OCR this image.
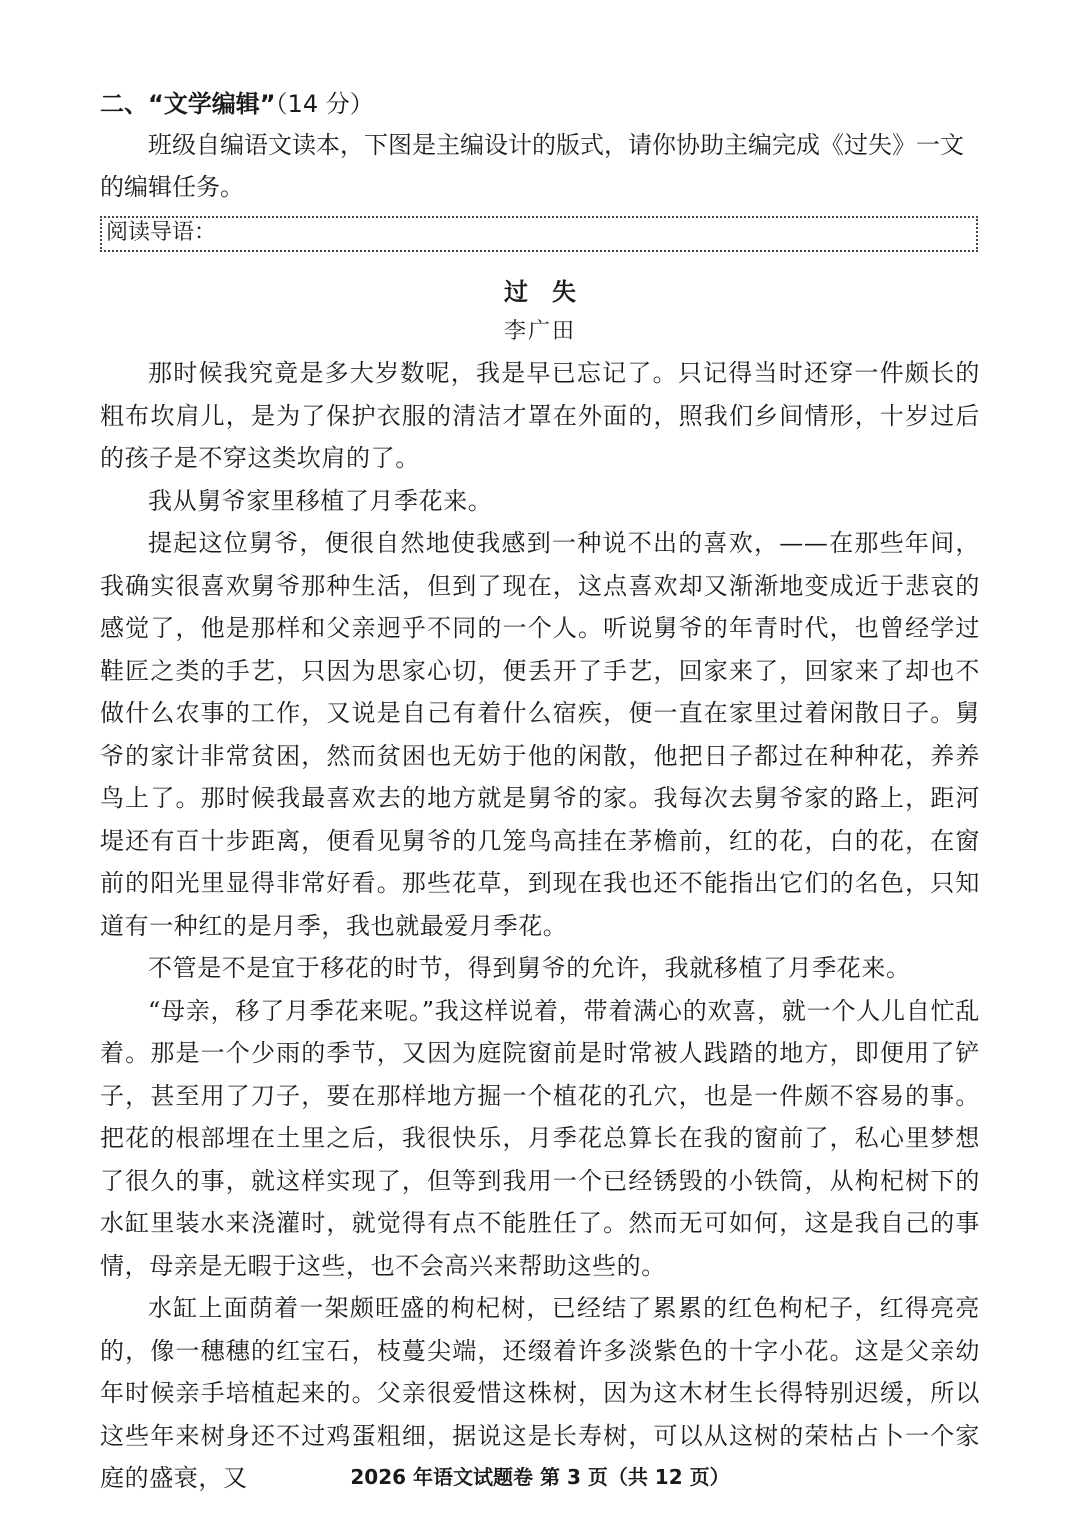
二、“文学编辑”（14 分）

班级自编语文读本，下图是主编设计的版式，请你协助主编完成《过失》一文的编辑任务。

阅读导语：
过失
李广田

那时候我究竟是多大岁数呢，我是早已忘记了。只记得当时还穿一件颇长的粗布坎肩儿，是为了保护衣服的清洁才罩在外面的，照我们乡间情形，十岁过后的孩子是不穿这类坎肩的了。

我从舅爷家里移植了月季花来。

提起这位舅爷，便很自然地使我感到一种说不出的喜欢，——在那些年间，我确实很喜欢舅爷那种生活，但到了现在，这点喜欢却又渐渐地变成近于悲哀的感觉了，他是那样和父亲迥乎不同的一个人。听说舅爷的年青时代，也曾经学过鞋匠之类的手艺，只因为思家心切，便丢开了手艺，回家来了，回家来了却也不做什么农事的工作，又说是自己有着什么宿疾，便一直在家里过着闲散日子。舅爷的家计非常贫困，然而贫困也无妨于他的闲散，他把日子都过在种种花，养养鸟上了。那时候我最喜欢去的地方就是舅爷的家。我每次去舅爷家的路上，距河堤还有百十步距离，便看见舅爷的几笼鸟高挂在茅檐前，红的花，白的花，在窗前的阳光里显得非常好看。那些花草，到现在我也还不能指出它们的名色，只知道有一种红的是月季，我也就最爱月季花。

不管是不是宜于移花的时节，得到舅爷的允许，我就移植了月季花来。

“母亲，移了月季花来呢。”我这样说着，带着满心的欢喜，就一个人儿自忙乱着。那是一个少雨的季节，又因为庭院窗前是时常被人践踏的地方，即便用了铲子，甚至用了刀子，要在那样地方掘一个植花的孔穴，也是一件颇不容易的事。把花的根部埋在土里之后，我很快乐，月季花总算长在我的窗前了，私心里梦想了很久的事，就这样实现了，但等到我用一个已经锈毁的小铁筒，从枸杞树下的水缸里装水来浇灌时，就觉得有点不能胜任了。然而无可如何，这是我自己的事情，母亲是无暇于这些，也不会高兴来帮助这些的。

水缸上面荫着一架颇旺盛的枸杞树，已经结了累累的红色枸杞子，红得亮亮的，像一穗穗的红宝石，枝蔓尖端，还缀着许多淡紫色的十字小花。这是父亲幼年时候亲手培植起来的。父亲很爱惜这株树，因为这木材生长得特别迟缓，所以这些年来树身还不过鸡蛋粗细，据说这是长寿树，可以从这树的荣枯占卜一个家庭的盛衰，又	2026 年语文试题卷 第 3 页（共 12 页）
